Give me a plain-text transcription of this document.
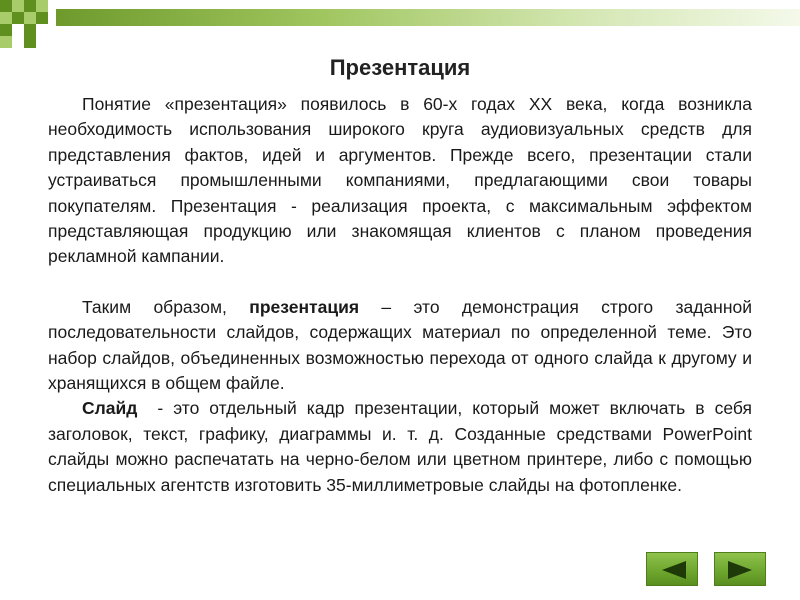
Презентация

Понятие «презентация» появилось в 60-х годах XX века, когда возникла необходимость использования широкого круга аудиовизуальных средств для представления фактов, идей и аргументов. Прежде всего, презентации стали устраиваться промышленными компаниями, предлагающими свои товары покупателям. Презентация - реализация проекта, с максимальным эффектом представляющая продукцию или знакомящая клиентов с планом проведения рекламной кампании.

Таким образом, презентация – это демонстрация строго заданной последовательности слайдов, содержащих материал по определенной теме. Это набор слайдов, объединенных возможностью перехода от одного слайда к другому и хранящихся в общем файле.

Слайд  - это отдельный кадр презентации, который может включать в себя заголовок, текст, графику, диаграммы и. т. д. Созданные средствами PowerPoint слайды можно распечатать на черно-белом или цветном принтере, либо с помощью специальных агентств изготовить 35-миллиметровые слайды на фотопленке.
